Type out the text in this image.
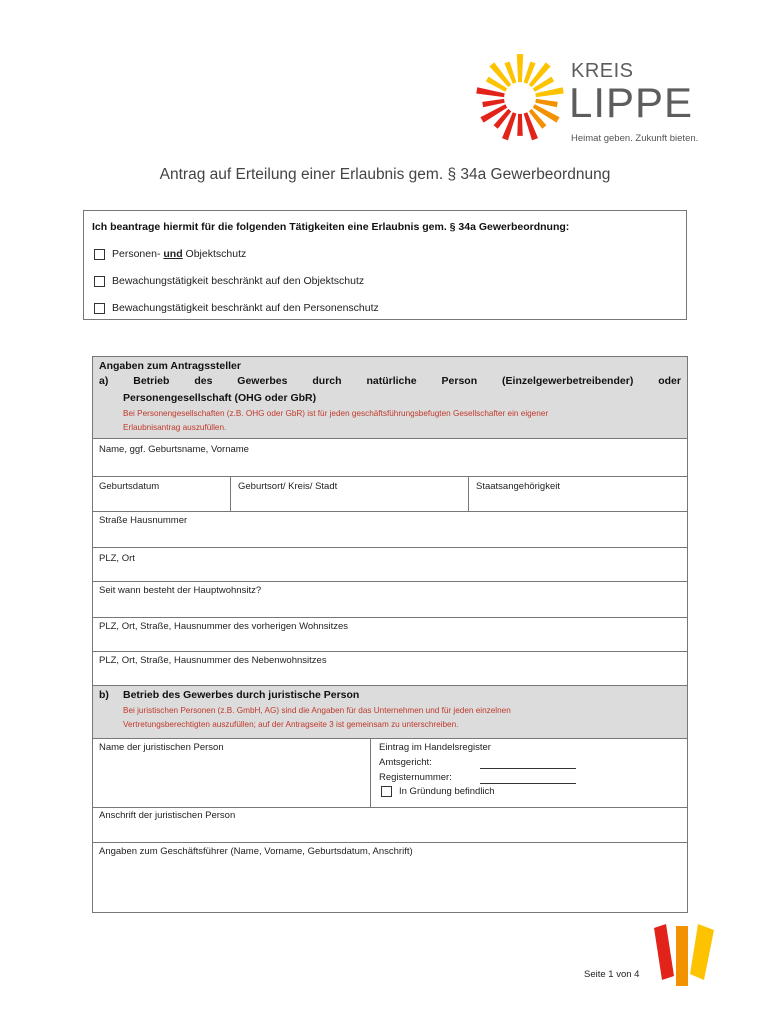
KREIS
LIPPE
Heimat geben. Zukunft bieten.
Antrag auf Erteilung einer Erlaubnis gem. § 34a Gewerbeordnung
Ich beantrage hiermit für die folgenden Tätigkeiten eine Erlaubnis gem. § 34a Gewerbeordnung:
Personen-
und
Objektschutz
Bewachungstätigkeit beschränkt auf den Objektschutz
Bewachungstätigkeit beschränkt auf den Personenschutz
Angaben zum Antragssteller
a) Betrieb des Gewerbes durch natürliche Person (Einzelgewerbetreibender) oder
Personengesellschaft (OHG oder GbR)
Bei Personengesellschaften (z.B. OHG oder GbR) ist für jeden geschäftsführungsbefugten Gesellschafter ein eigener
Erlaubnisantrag auszufüllen.
Name, ggf. Geburtsname, Vorname
Geburtsdatum	Geburtsort/ Kreis/ Stadt	Staatsangehörigkeit
Straße Hausnummer
PLZ, Ort
Seit wann besteht der Hauptwohnsitz?
PLZ, Ort, Straße, Hausnummer des vorherigen Wohnsitzes
PLZ, Ort, Straße, Hausnummer des Nebenwohnsitzes
b) Betrieb des Gewerbes durch juristische Person
Bei juristischen Personen (z.B. GmbH, AG) sind die Angaben für das Unternehmen und für jeden einzelnen
Vertretungsberechtigten auszufüllen; auf der Antragseite 3 ist gemeinsam zu unterschreiben.
Name der juristischen Person	Eintrag im Handelsregister
Amtsgericht:
Registernummer:
In Gründung befindlich
Anschrift der juristischen Person
Angaben zum Geschäftsführer (Name, Vorname, Geburtsdatum, Anschrift)
Seite 1 von 4
